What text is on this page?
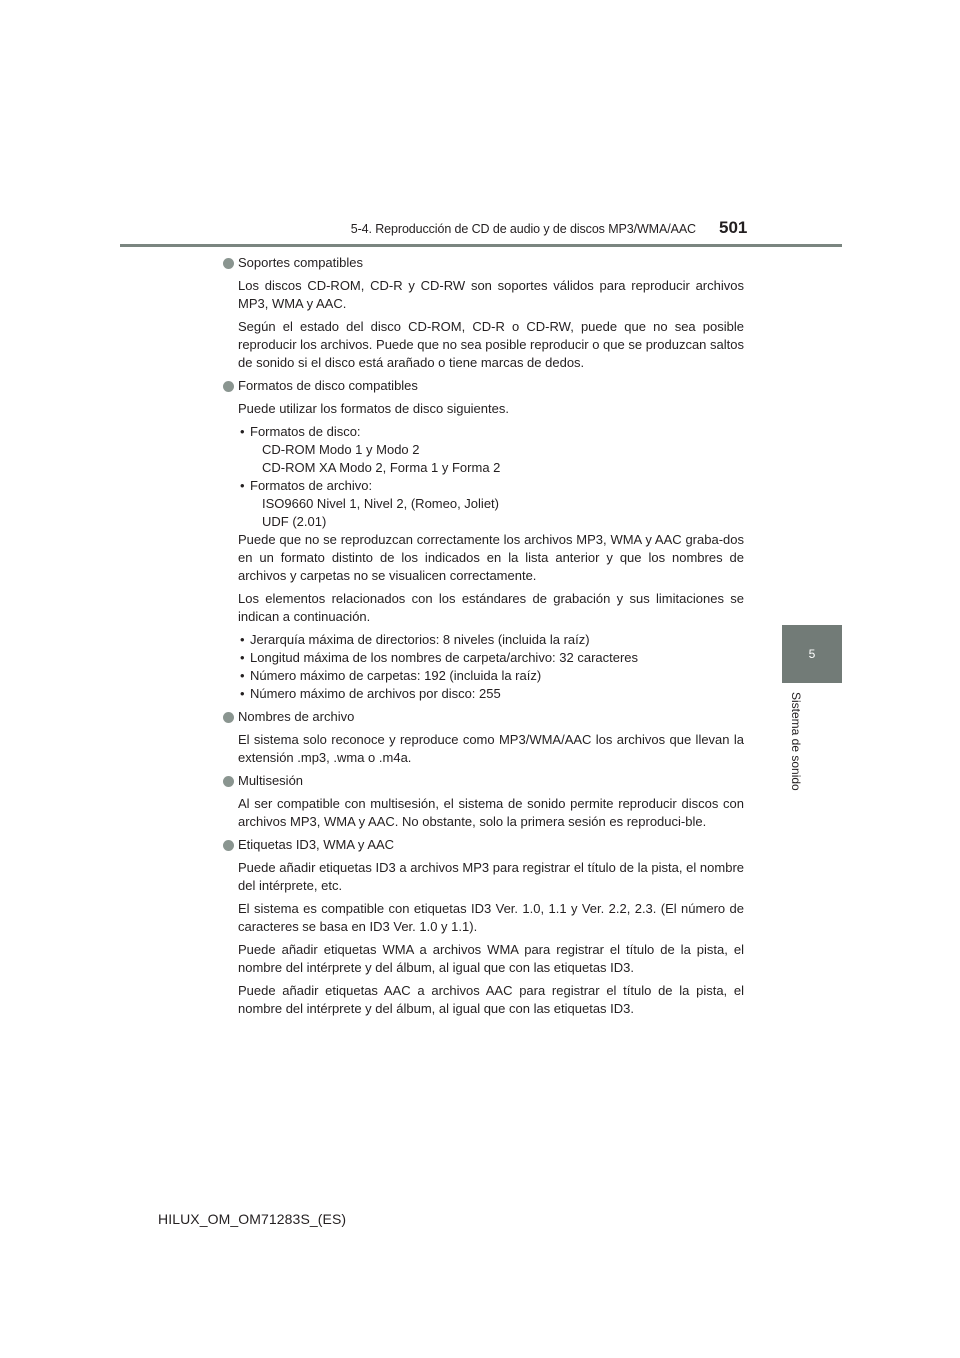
5-4. Reproducción de CD de audio y de discos MP3/WMA/AAC 501
5
Sistema de sonido
Soportes compatibles
Los discos CD-ROM, CD-R y CD-RW son soportes válidos para reproducir archivos MP3, WMA y AAC.
Según el estado del disco CD-ROM, CD-R o CD-RW, puede que no sea posible reproducir los archivos. Puede que no sea posible reproducir o que se produzcan saltos de sonido si el disco está arañado o tiene marcas de dedos.
Formatos de disco compatibles
Puede utilizar los formatos de disco siguientes.
• Formatos de disco:
CD-ROM Modo 1 y Modo 2
CD-ROM XA Modo 2, Forma 1 y Forma 2
• Formatos de archivo:
ISO9660 Nivel 1, Nivel 2, (Romeo, Joliet)
UDF (2.01)
Puede que no se reproduzcan correctamente los archivos MP3, WMA y AAC graba-dos en un formato distinto de los indicados en la lista anterior y que los nombres de archivos y carpetas no se visualicen correctamente.
Los elementos relacionados con los estándares de grabación y sus limitaciones se indican a continuación.
• Jerarquía máxima de directorios: 8 niveles (incluida la raíz)
• Longitud máxima de los nombres de carpeta/archivo: 32 caracteres
• Número máximo de carpetas: 192 (incluida la raíz)
• Número máximo de archivos por disco: 255
Nombres de archivo
El sistema solo reconoce y reproduce como MP3/WMA/AAC los archivos que llevan la extensión .mp3, .wma o .m4a.
Multisesión
Al ser compatible con multisesión, el sistema de sonido permite reproducir discos con archivos MP3, WMA y AAC. No obstante, solo la primera sesión es reproduci-ble.
Etiquetas ID3, WMA y AAC
Puede añadir etiquetas ID3 a archivos MP3 para registrar el título de la pista, el nombre del intérprete, etc.
El sistema es compatible con etiquetas ID3 Ver. 1.0, 1.1 y Ver. 2.2, 2.3. (El número de caracteres se basa en ID3 Ver. 1.0 y 1.1).
Puede añadir etiquetas WMA a archivos WMA para registrar el título de la pista, el nombre del intérprete y del álbum, al igual que con las etiquetas ID3.
Puede añadir etiquetas AAC a archivos AAC para registrar el título de la pista, el nombre del intérprete y del álbum, al igual que con las etiquetas ID3.
HILUX_OM_OM71283S_(ES)
